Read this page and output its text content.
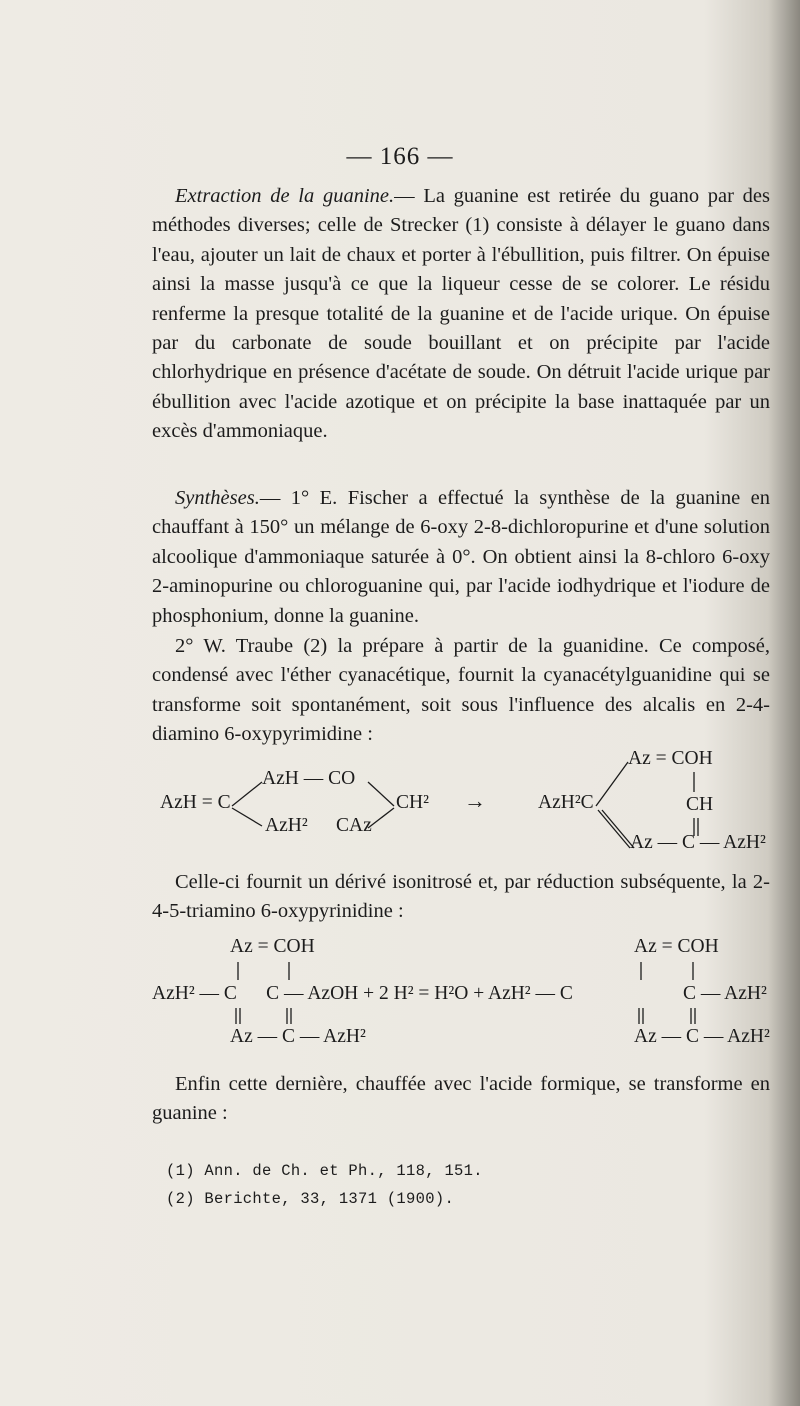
— 166 —

Extraction de la guanine.— La guanine est retirée du guano par des méthodes diverses; celle de Strecker (1) consiste à délayer le guano dans l'eau, ajouter un lait de chaux et porter à l'ébullition, puis filtrer. On épuise ainsi la masse jusqu'à ce que la liqueur cesse de se colorer. Le résidu renferme la presque totalité de la guanine et de l'acide urique. On épuise par du carbonate de soude bouillant et on précipite par l'acide chlorhydrique en présence d'acétate de soude. On détruit l'acide urique par ébullition avec l'acide azotique et on précipite la base inattaquée par un excès d'ammoniaque.

Synthèses.— 1° E. Fischer a effectué la synthèse de la guanine en chauffant à 150° un mélange de 6-oxy 2-8-dichloropurine et d'une solution alcoolique d'ammoniaque saturée à 0°. On obtient ainsi la 8-chloro 6-oxy 2-aminopurine ou chloroguanine qui, par l'acide iodhydrique et l'iodure de phosphonium, donne la guanine.

2° W. Traube (2) la prépare à partir de la guanidine. Ce composé, condensé avec l'éther cyanacétique, fournit la cyanacétylguanidine qui se transforme soit spontanément, soit sous l'influence des alcalis en 2-4-diamino 6-oxypyrimidine :

AzH = C
AzH — CO
AzH² CAz
CH² →	AzH²C
Az = COH
CH
Az — C — AzH²

Celle-ci fournit un dérivé isonitrosé et, par réduction subséquente, la 2-4-5-triamino 6-oxypyrinidine :

Az = COH
AzH² — C      C — AzOH + 2 H² = H²O + AzH² — C
Az — C — AzH²
Az = COH
C — AzH²
Az — C — AzH²

Enfin cette dernière, chauffée avec l'acide formique, se transforme en guanine :

(1) Ann. de Ch. et Ph., 118, 151.
(2) Berichte, 33, 1371 (1900).
